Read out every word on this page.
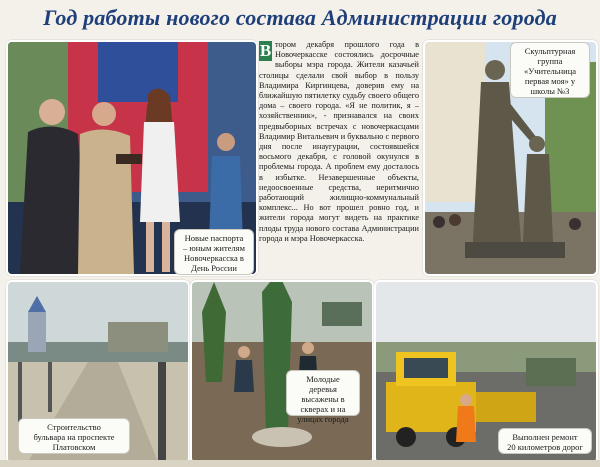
Год работы нового состава Администрации города
Новые паспорта
– юным жителям
Новочеркасска в
День России
В тором декабря прошлого года в Новочеркасске состоялись досрочные выборы мэра города. Жители казачьей столицы сделали свой выбор в пользу Владимира Киргинцева, доверив ему на ближайшую пятилетку судьбу своего общего дома – своего города. «Я не политик, я – хозяйственник», - признавался на своих предвыборных встречах с новочеркасцами Владимир Витальевич и буквально с первого дня после инаугурации, состоявшейся восьмого декабря, с головой окунулся в проблемы города. А проблем ему досталось в избытке. Незавершенные объекты, недоосвоенные средства, неритмично работающий жилищно-коммунальный комплекс... Но вот прошел ровно год, и жители города могут видеть на практике плоды труда нового состава Администрации города и мэра Новочеркасска.
Скульптурная
группа
«Учительница
первая моя» у
школы №3
Строительство
бульвара на проспекте
Платовском
Молодые деревья
высажены в
скверах и на
улицах города
Выполнен ремонт
20 километров дорог
